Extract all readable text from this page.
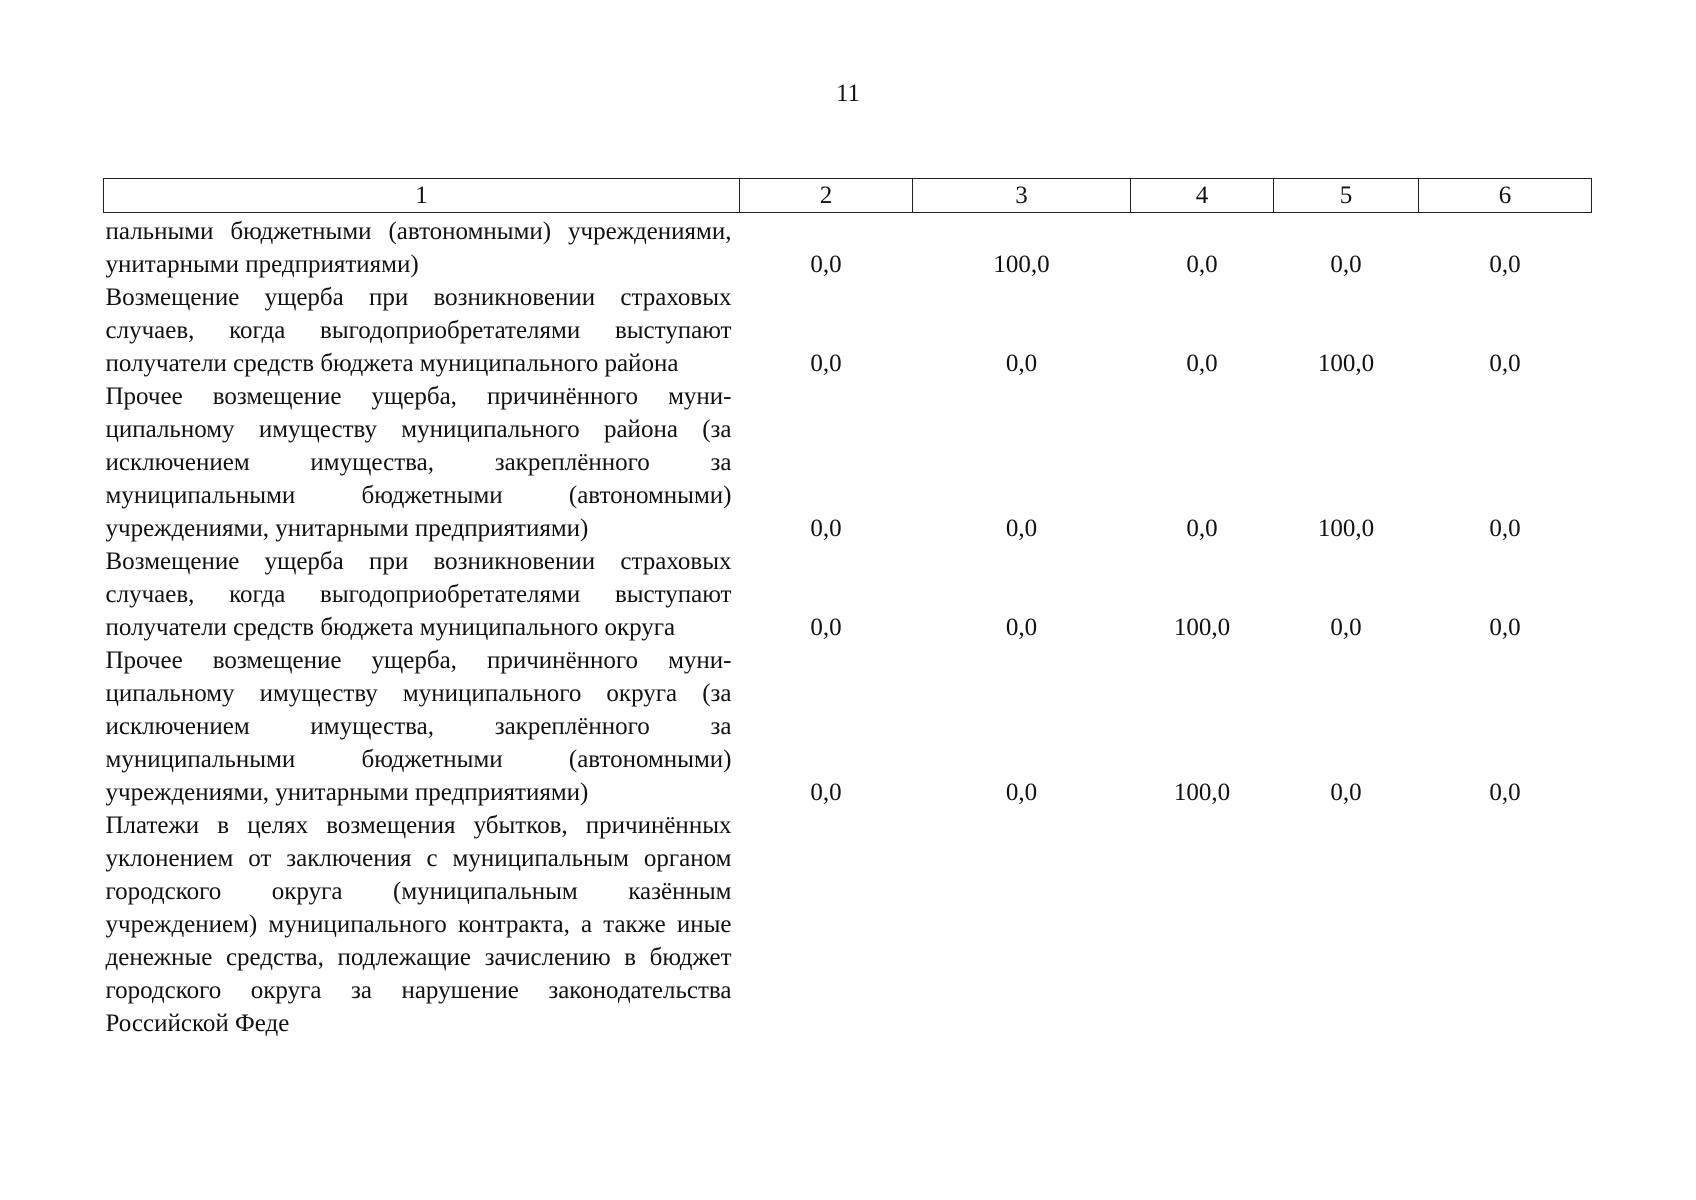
11
1	2	3	4	5	6
пальными бюджетными (автономными) учреждениями, унитарными предприятиями)	0,0	100,0	0,0	0,0	0,0
Возмещение ущерба при возникновении страховых случаев, когда выгодоприобретателями выступают получатели средств бюджета муниципального района	0,0	0,0	0,0	100,0	0,0
Прочее возмещение ущерба, причинённого муниципальному имуществу муниципального района (за исключением имущества, закреплённого за муниципальными бюджетными (автономными) учреждениями, унитарными предприятиями)	0,0	0,0	0,0	100,0	0,0
Возмещение ущерба при возникновении страховых случаев, когда выгодоприобретателями выступают получатели средств бюджета муниципального округа	0,0	0,0	100,0	0,0	0,0
Прочее возмещение ущерба, причинённого муниципальному имуществу муниципального округа (за исключением имущества, закреплённого за муниципальными бюджетными (автономными) учреждениями, унитарными предприятиями)	0,0	0,0	100,0	0,0	0,0
Платежи в целях возмещения убытков, причинённых уклонением от заключения с муниципальным органом городского округа (муниципальным казённым учреждением) муниципального контракта, а также иные денежные средства, подлежащие зачислению в бюджет городского округа за нарушение законодательства Российской Феде					
